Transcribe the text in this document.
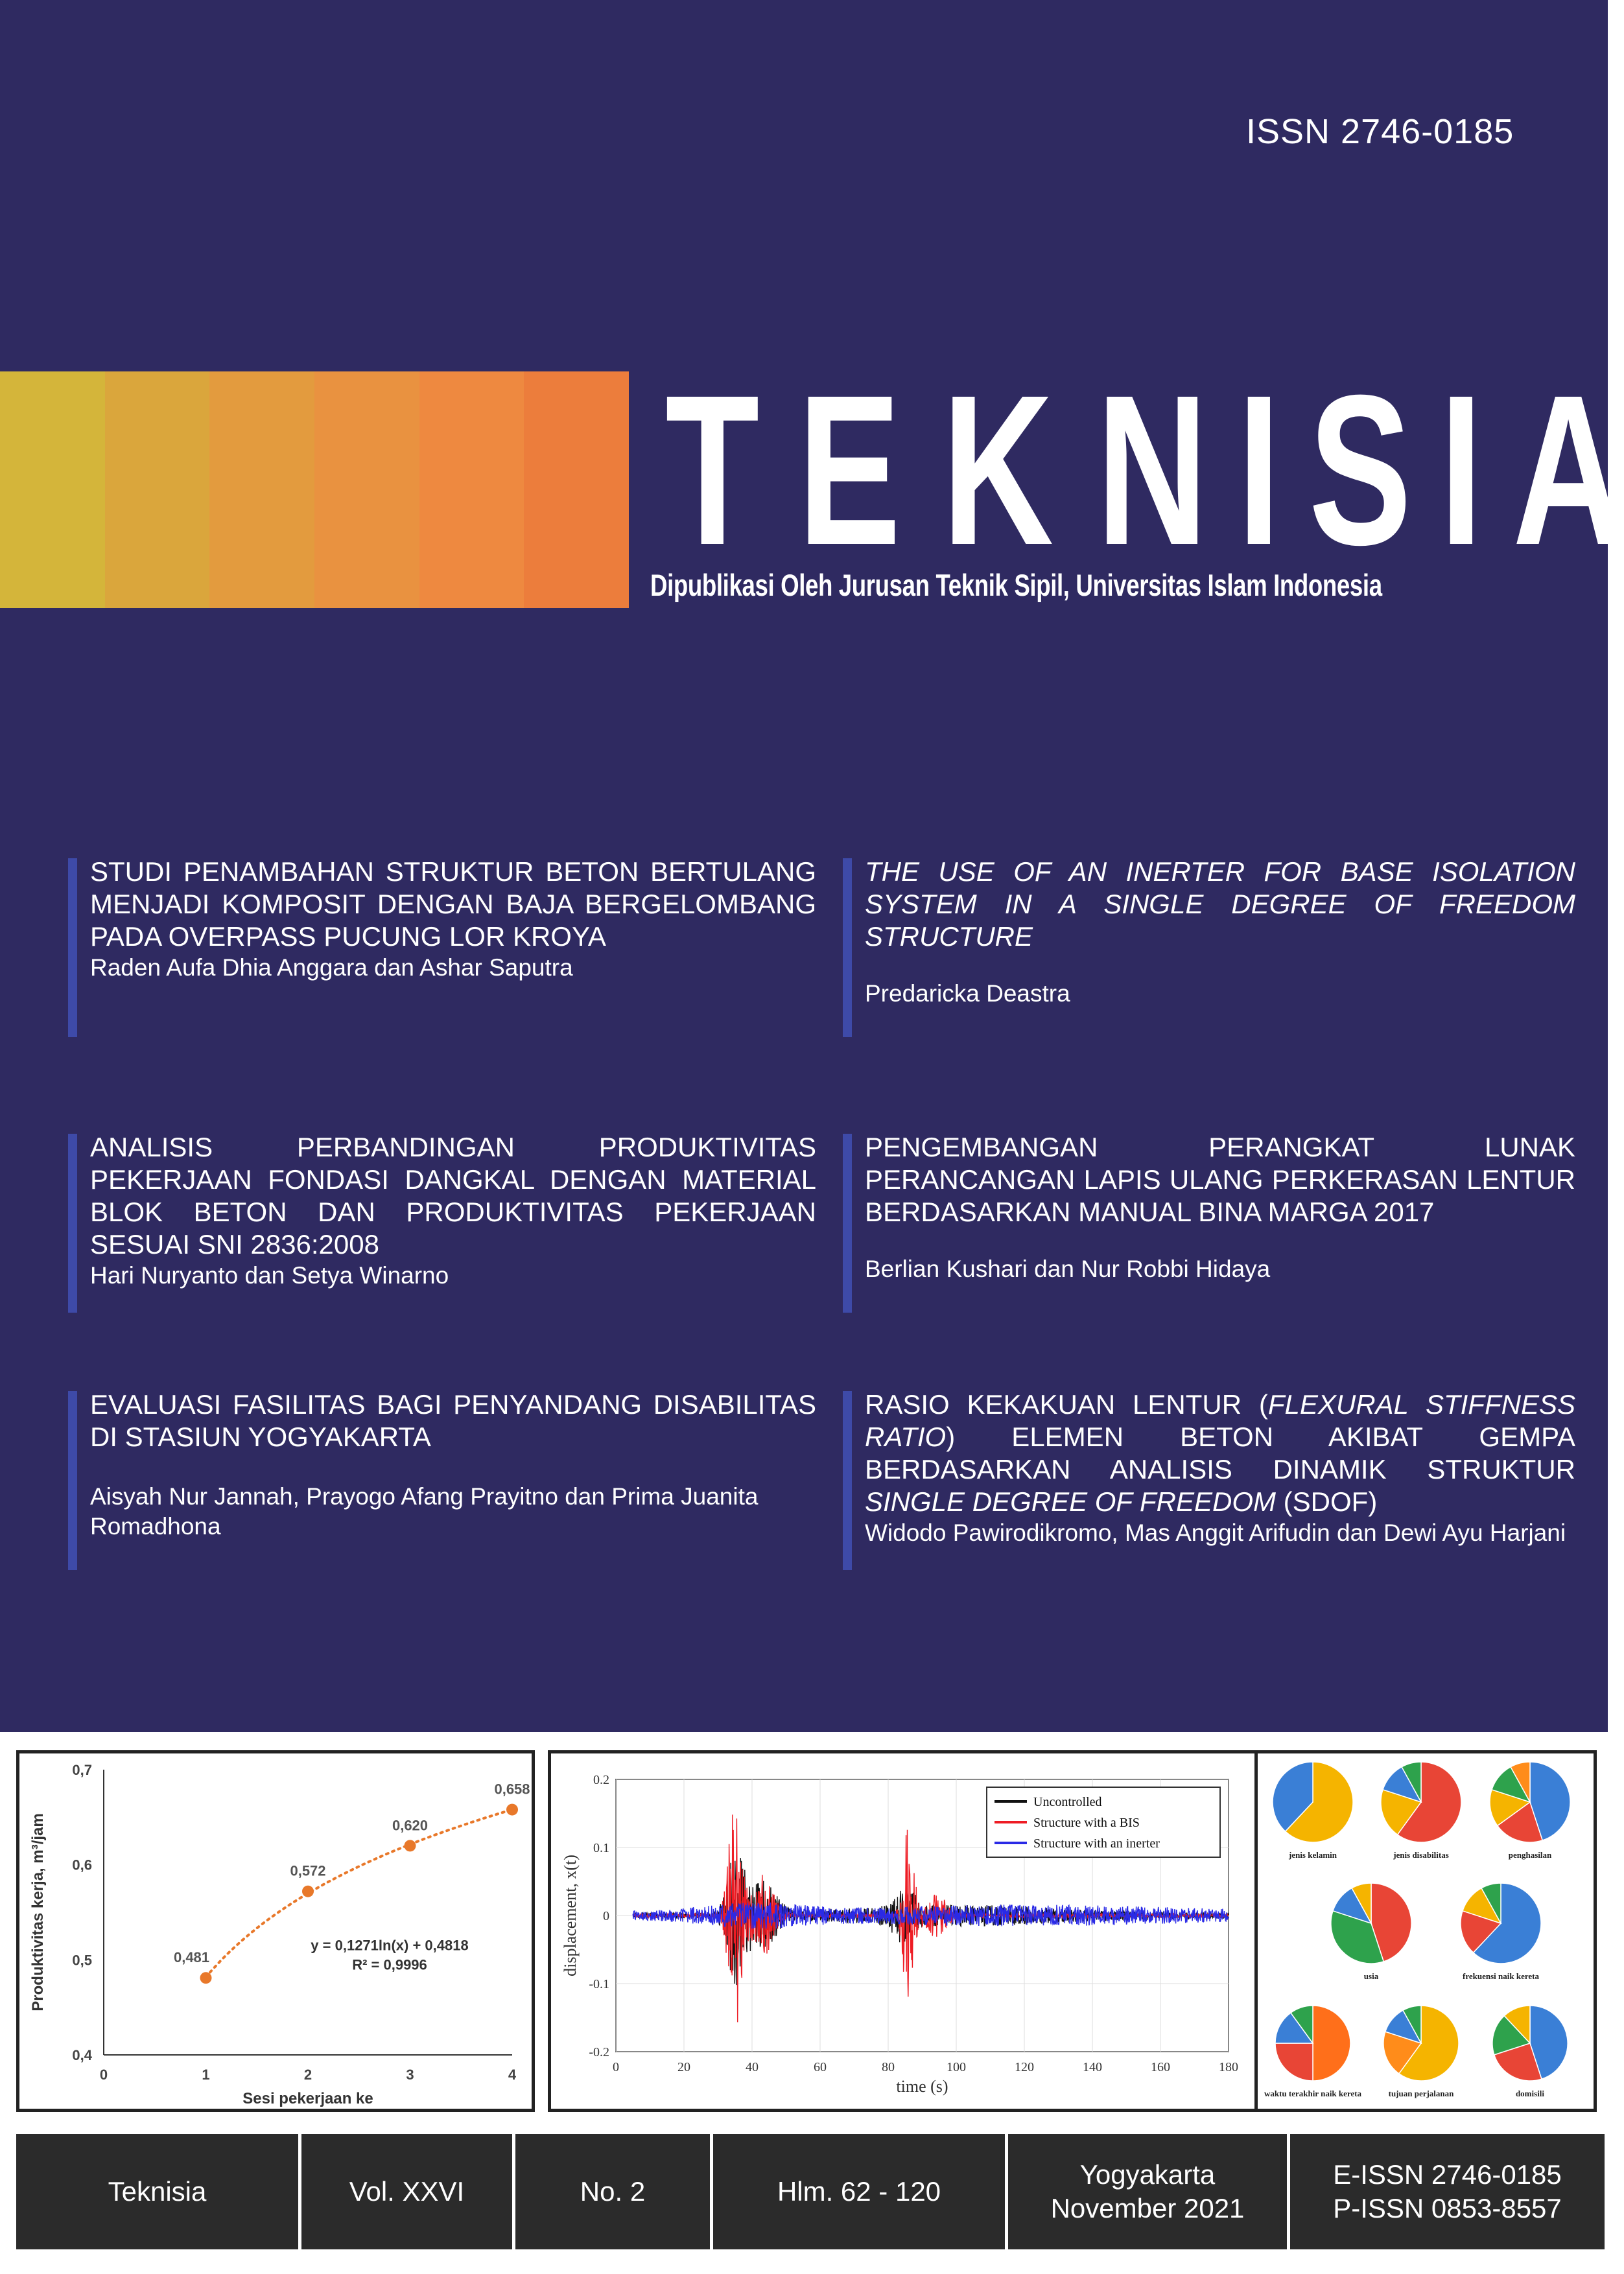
ISSN 2746-0185
T E K N I S I A
Dipublikasi Oleh Jurusan Teknik Sipil, Universitas Islam Indonesia
STUDI PENAMBAHAN STRUKTUR BETON BERTULANG MENJADI KOMPOSIT DENGAN BAJA BERGELOMBANG PADA OVERPASS PUCUNG LOR KROYA
Raden Aufa Dhia Anggara dan Ashar Saputra
THE USE OF AN INERTER FOR BASE ISOLATION SYSTEM IN A SINGLE DEGREE OF FREEDOM STRUCTURE
Predaricka Deastra
ANALISIS PERBANDINGAN PRODUKTIVITAS PEKERJAAN FONDASI DANGKAL DENGAN MATERIAL BLOK BETON DAN PRODUKTIVITAS PEKERJAAN SESUAI SNI 2836:2008
Hari Nuryanto dan Setya Winarno
PENGEMBANGAN PERANGKAT LUNAK PERANCANGAN LAPIS ULANG PERKERASAN LENTUR BERDASARKAN MANUAL BINA MARGA 2017
Berlian Kushari dan Nur Robbi Hidaya
EVALUASI FASILITAS BAGI PENYANDANG DISABILITAS DI STASIUN YOGYAKARTA
Aisyah Nur Jannah, Prayogo Afang Prayitno dan Prima Juanita Romadhona
RASIO KEKAKUAN LENTUR (FLEXURAL STIFFNESS RATIO) ELEMEN BETON AKIBAT GEMPA BERDASARKAN ANALISIS DINAMIK STRUKTUR SINGLE DEGREE OF FREEDOM (SDOF)
Widodo Pawirodikromo, Mas Anggit Arifudin dan Dewi Ayu Harjani
0,4
0,5
0,6
0,7
0	1	2	3	4
Sesi pekerjaan ke
Produktivitas kerja, m³/jam	0,481
0,572
0,620
0,658
y = 0,1271ln(x) + 0,4818
R² = 0,9996
-0.2
-0.1
0
0.1
0.2
0	20	40	60	80	100	120	140	160	180
time (s)
displacement, x(t)
Uncontrolled
Structure with a BIS
Structure with an inerter
jenis kelamin	jenis disabilitas	penghasilan
usia	frekuensi naik kereta
waktu terakhir naik kereta	tujuan perjalanan	domisili
Teknisia	Vol. XXVI	No. 2	Hlm. 62 - 120
Yogyakarta
November 2021
E-ISSN 2746-0185
P-ISSN 0853-8557
